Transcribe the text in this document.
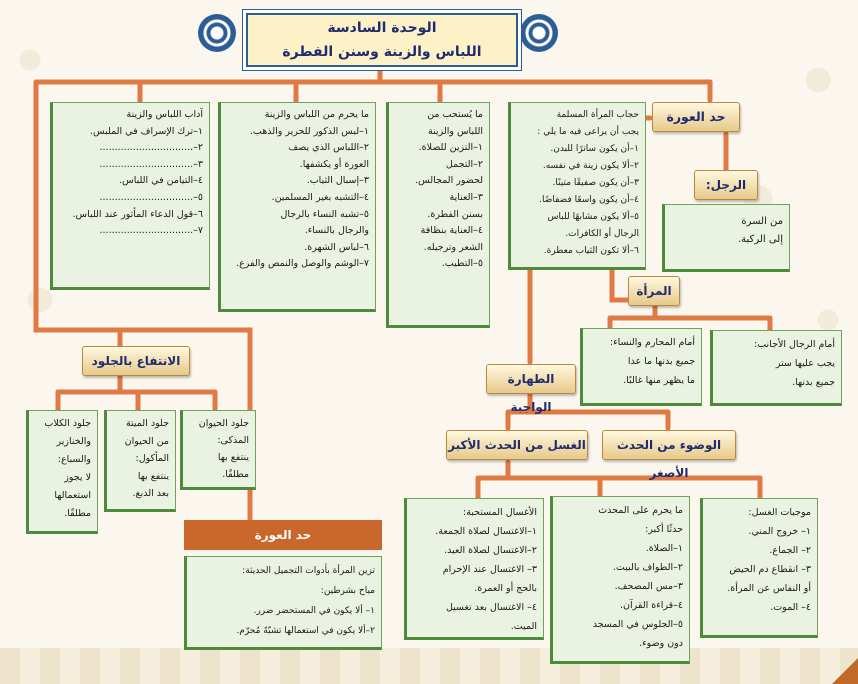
الوحدة السادسة
اللباس والزينة وسنن الفطرة
آداب اللباس والزينة
١–ترك الإسراف في الملبس.
٢–...............................
٣–...............................
٤–التيامن في اللباس.
٥–...............................
٦–قول الدعاء المأثور عند اللباس.
٧–...............................
ما يحرم من اللباس والزينة
١–لبس الذكور للحرير والذهب.
٢–اللباس الذي يصف
العورة أو يكشفها.
٣–إسبال الثياب.
٤–التشبه بغير المسلمين.
٥–تشبه النساء بالرجال
والرجال بالنساء.
٦–لباس الشهرة.
٧–الوشم والوصل والنمص والفرع.
ما يُستحب من
اللباس والزينة
١–التزين للصلاة.
٢–التجمل
لحضور المجالس.
٣–العناية
بسنن الفطرة.
٤–العناية بنظافة
الشعر وترجيله.
٥–التطيب.
حجاب المرأة المسلمة
يجب أن يراعى فيه ما يلي :
١–أن يكون ساترًا للبدن.
٢–ألا يكون زينة في نفسه.
٣–أن يكون صفيقًا متينًا.
٤–أن يكون واسعًا فضفاضًا.
٥–ألا يكون مشابهًا للباس
الرجال أو الكافرات.
٦–ألا تكون الثياب معطرة.
حد العورة
الرجل:
من السرة
إلى الركبة.
المرأة
أمام المحارم والنساء:
جميع بدنها ما عدا
ما يظهر منها غالبًا.
أمام الرجال الأجانب:
يجب عليها ستر
جميع بدنها.
الطهارة الواجبة
الغسل من الحدث الأكبر	الوضوء من الحدث الأصغر
موجبات الغسل:
١– خروج المني.
٢– الجماع.
٣– انقطاع دم الحيض
أو النفاس عن المرأة.
٤– الموت.
ما يحرم على المحدث
حدثًا أكبر:
١–الصلاة.
٢–الطواف بالبيت.
٣–مس المصحف.
٤–قراءة القرآن.
٥–الجلوس في المسجد
دون وضوء.
الأغسال المستحبة:
١–الاغتسال لصلاة الجمعة.
٢–الاغتسال لصلاة العيد.
٣– الاغتسال عند الإحرام
بالحج أو العمرة.
٤– الاغتسال بعد تغسيل
الميت.
الانتفاع بالجلود
جلود الحيوان
المذكى:
ينتفع بها
مطلقًا.
جلود الميتة
من الحيوان
المأكول:
ينتفع بها
بعد الدبغ.
جلود الكلاب
والخنازير
والسباع:
لا يجوز
استعمالها
مطلقًا.
حد العورة
تزين المرأة بأدوات التجميل الحديثة:
مباح بشرطين:
١– ألا يكون في المستحضر ضرر.
٢–ألا يكون في استعمالها تشبّهٌ مُحرّم.
